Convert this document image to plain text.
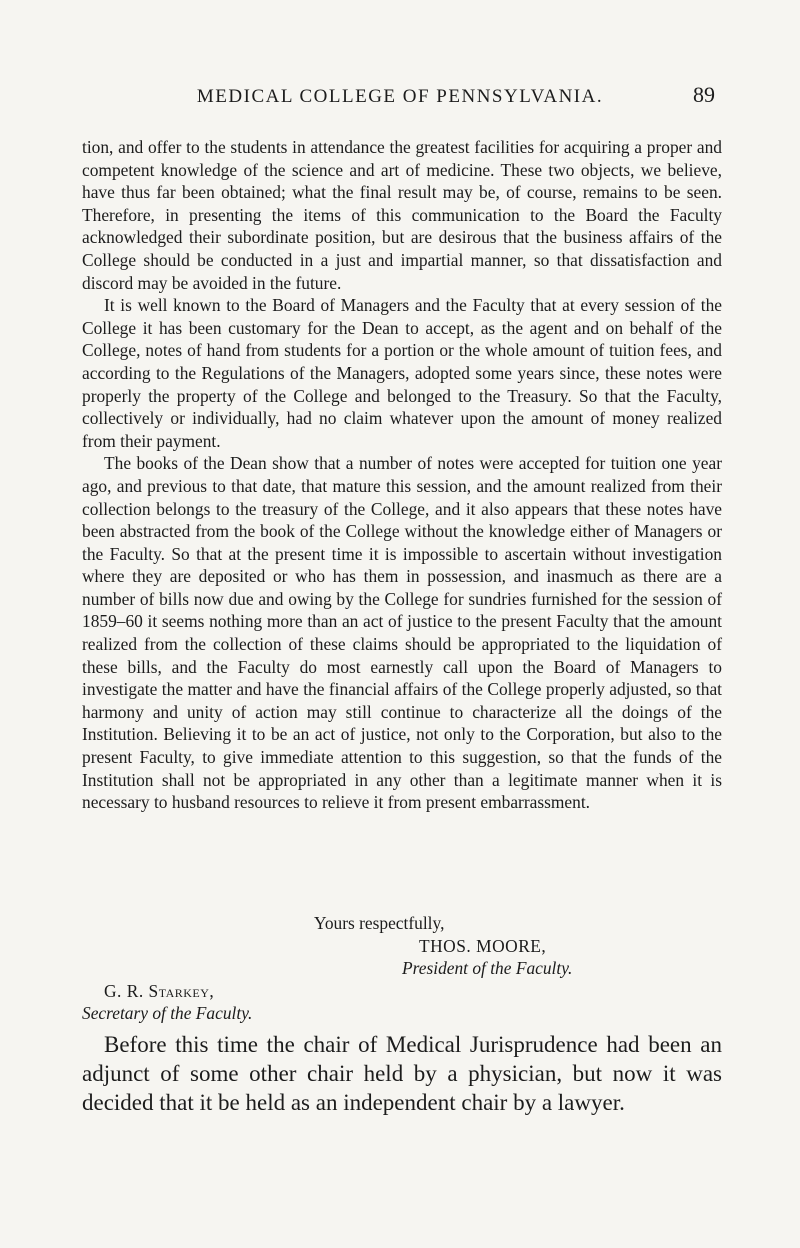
MEDICAL COLLEGE OF PENNSYLVANIA.	89

tion, and offer to the students in attendance the greatest facilities for acquiring a proper and competent knowledge of the science and art of medicine. These two objects, we believe, have thus far been obtained; what the final result may be, of course, remains to be seen. Therefore, in presenting the items of this communication to the Board the Faculty acknowledged their subordinate position, but are desirous that the business affairs of the College should be conducted in a just and impartial manner, so that dissatisfaction and discord may be avoided in the future.

It is well known to the Board of Managers and the Faculty that at every session of the College it has been customary for the Dean to accept, as the agent and on behalf of the College, notes of hand from students for a portion or the whole amount of tuition fees, and according to the Regulations of the Managers, adopted some years since, these notes were properly the property of the College and belonged to the Treasury. So that the Faculty, collectively or individually, had no claim whatever upon the amount of money realized from their payment.

The books of the Dean show that a number of notes were accepted for tuition one year ago, and previous to that date, that mature this session, and the amount realized from their collection belongs to the treasury of the College, and it also appears that these notes have been abstracted from the book of the College without the knowledge either of Managers or the Faculty. So that at the present time it is impossible to ascertain without investigation where they are deposited or who has them in possession, and inasmuch as there are a number of bills now due and owing by the College for sundries furnished for the session of 1859–60 it seems nothing more than an act of justice to the present Faculty that the amount realized from the collection of these claims should be appropriated to the liquidation of these bills, and the Faculty do most earnestly call upon the Board of Managers to investigate the matter and have the financial affairs of the College properly adjusted, so that harmony and unity of action may still continue to characterize all the doings of the Institution. Believing it to be an act of justice, not only to the Corporation, but also to the present Faculty, to give immediate attention to this suggestion, so that the funds of the Institution shall not be appropriated in any other than a legitimate manner when it is necessary to husband resources to relieve it from present embarrassment.

Yours respectfully,
THOS. MOORE,
President of the Faculty.
G. R. Starkey,
Secretary of the Faculty.

Before this time the chair of Medical Jurisprudence had been an adjunct of some other chair held by a physician, but now it was decided that it be held as an independent chair by a lawyer.
